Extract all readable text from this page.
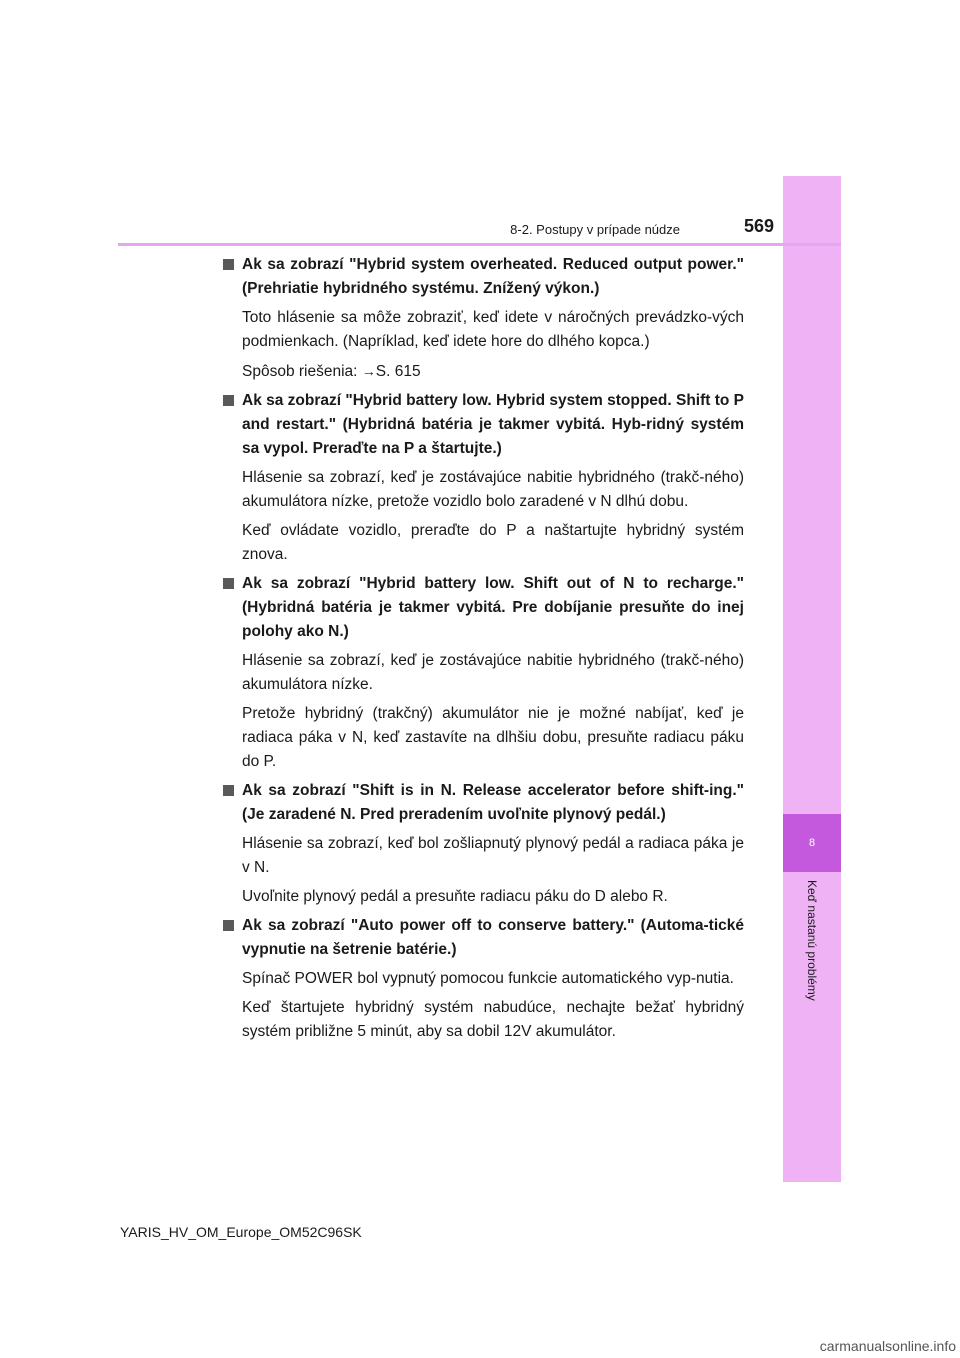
8
Keď nastanú problémy
8-2. Postupy v prípade núdze	569
Ak sa zobrazí "Hybrid system overheated. Reduced output power." (Prehriatie hybridného systému. Znížený výkon.)

Toto hlásenie sa môže zobraziť, keď idete v náročných prevádzko-vých podmienkach. (Napríklad, keď idete hore do dlhého kopca.)

Spôsob riešenia: →S. 615

Ak sa zobrazí "Hybrid battery low. Hybrid system stopped. Shift to P and restart." (Hybridná batéria je takmer vybitá. Hyb-ridný systém sa vypol. Preraďte na P a štartujte.)

Hlásenie sa zobrazí, keď je zostávajúce nabitie hybridného (trakč-ného) akumulátora nízke, pretože vozidlo bolo zaradené v N dlhú dobu.

Keď ovládate vozidlo, preraďte do P a naštartujte hybridný systém znova.

Ak sa zobrazí "Hybrid battery low. Shift out of N to recharge." (Hybridná batéria je takmer vybitá. Pre dobíjanie presuňte do inej polohy ako N.)

Hlásenie sa zobrazí, keď je zostávajúce nabitie hybridného (trakč-ného) akumulátora nízke.

Pretože hybridný (trakčný) akumulátor nie je možné nabíjať, keď je radiaca páka v N, keď zastavíte na dlhšiu dobu, presuňte radiacu páku do P.

Ak sa zobrazí "Shift is in N. Release accelerator before shift-ing." (Je zaradené N. Pred preradením uvoľnite plynový pedál.)

Hlásenie sa zobrazí, keď bol zošliapnutý plynový pedál a radiaca páka je v N.

Uvoľnite plynový pedál a presuňte radiacu páku do D alebo R.

Ak sa zobrazí "Auto power off to conserve battery." (Automa-tické vypnutie na šetrenie batérie.)

Spínač POWER bol vypnutý pomocou funkcie automatického vyp-nutia.

Keď štartujete hybridný systém nabudúce, nechajte bežať hybridný systém približne 5 minút, aby sa dobil 12V akumulátor.

YARIS_HV_OM_Europe_OM52C96SK
carmanualsonline.info
